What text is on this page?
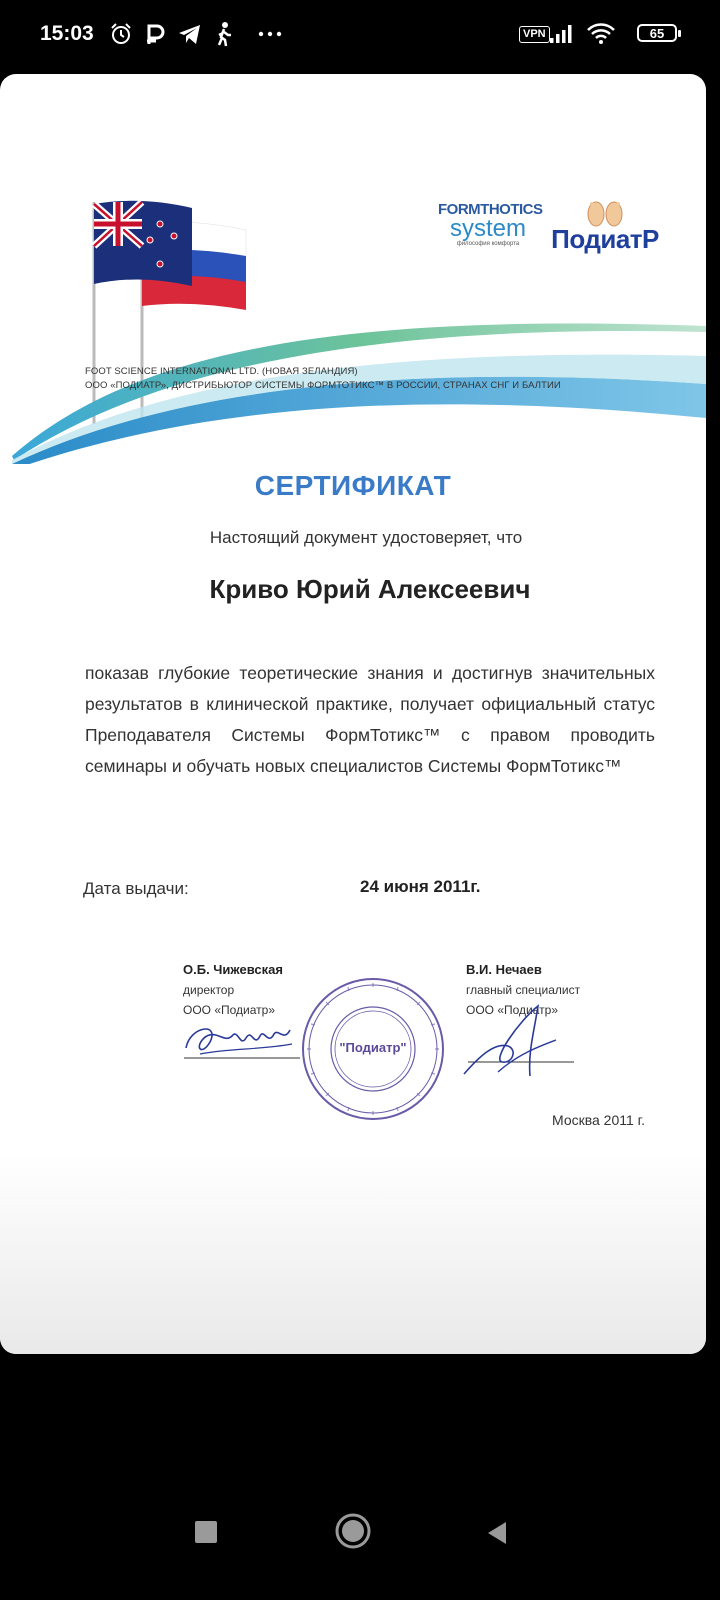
15:03	VPN	65
FORMTHOTICS
system
философия комфорта	ПодиатР
FOOT SCIENCE INTERNATIONAL LTD. (НОВАЯ ЗЕЛАНДИЯ)
ООО «ПОДИАТР», ДИСТРИБЬЮТОР СИСТЕМЫ ФОРМТОТИКС™ В РОССИИ, СТРАНАХ СНГ И БАЛТИИ
СЕРТИФИКАТ
Настоящий документ удостоверяет, что
Криво Юрий Алексеевич
показав глубокие теоретические знания и достигнув значительных результатов в клинической практике, получает официальный статус Преподавателя Системы ФормТотикс™ с правом проводить семинары и обучать новых специалистов Системы ФормТотикс™
Дата выдачи:	24 июня 2011г.
О.Б. Чижевская
директор
ООО «Подиатр»
"Подиатр"
В.И. Нечаев
главный специалист
ООО «Подиатр»
Москва 2011 г.
